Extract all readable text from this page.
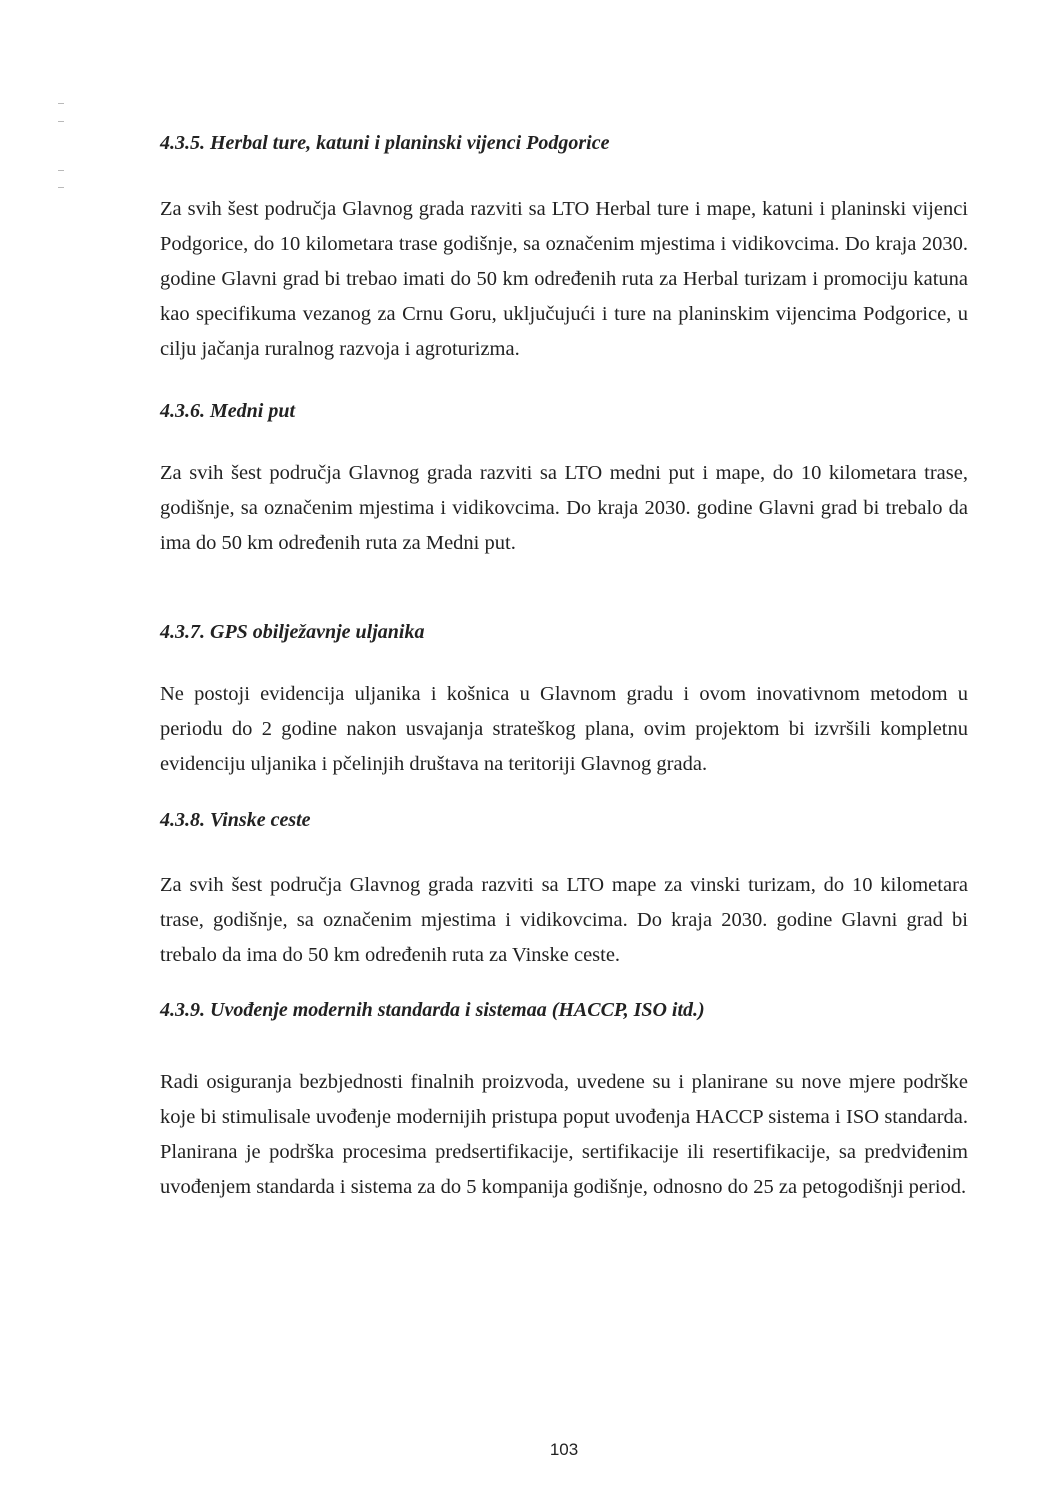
4.3.5. Herbal ture, katuni i planinski vijenci Podgorice

Za svih šest područja Glavnog grada razviti sa LTO Herbal ture i mape, katuni i planinski vijenci Podgorice, do 10 kilometara trase godišnje, sa označenim mjestima i vidikovcima. Do kraja 2030. godine Glavni grad bi trebao imati do 50 km određenih ruta za Herbal turizam i promociju katuna kao specifikuma vezanog za Crnu Goru, uključujući i ture na planinskim vijencima Podgorice, u cilju jačanja ruralnog razvoja i agroturizma.

4.3.6. Medni put

Za svih šest područja Glavnog grada razviti sa LTO medni put i mape, do 10 kilometara trase, godišnje, sa označenim mjestima i vidikovcima. Do kraja 2030. godine Glavni grad bi trebalo da ima do 50 km određenih ruta za Medni put.

4.3.7. GPS obilježavnje uljanika

Ne postoji evidencija uljanika i košnica u Glavnom gradu i ovom inovativnom metodom u periodu do 2 godine nakon usvajanja strateškog plana, ovim projektom bi izvršili kompletnu evidenciju uljanika i pčelinjih društava na teritoriji Glavnog grada.

4.3.8. Vinske ceste

Za svih šest područja Glavnog grada razviti sa LTO mape za vinski turizam, do 10 kilometara trase, godišnje, sa označenim mjestima i vidikovcima. Do kraja 2030. godine Glavni grad bi trebalo da ima do 50 km određenih ruta za Vinske ceste.

4.3.9. Uvođenje modernih standarda i sistemaa (HACCP, ISO itd.)

Radi osiguranja bezbjednosti finalnih proizvoda, uvedene su i planirane su nove mjere podrške koje bi stimulisale uvođenje modernijih pristupa poput uvođenja HACCP sistema i ISO standarda. Planirana je podrška procesima predsertifikacije, sertifikacije ili resertifikacije, sa predviđenim uvođenjem standarda i sistema za do 5 kompanija godišnje, odnosno do 25 za petogodišnji period.

103
